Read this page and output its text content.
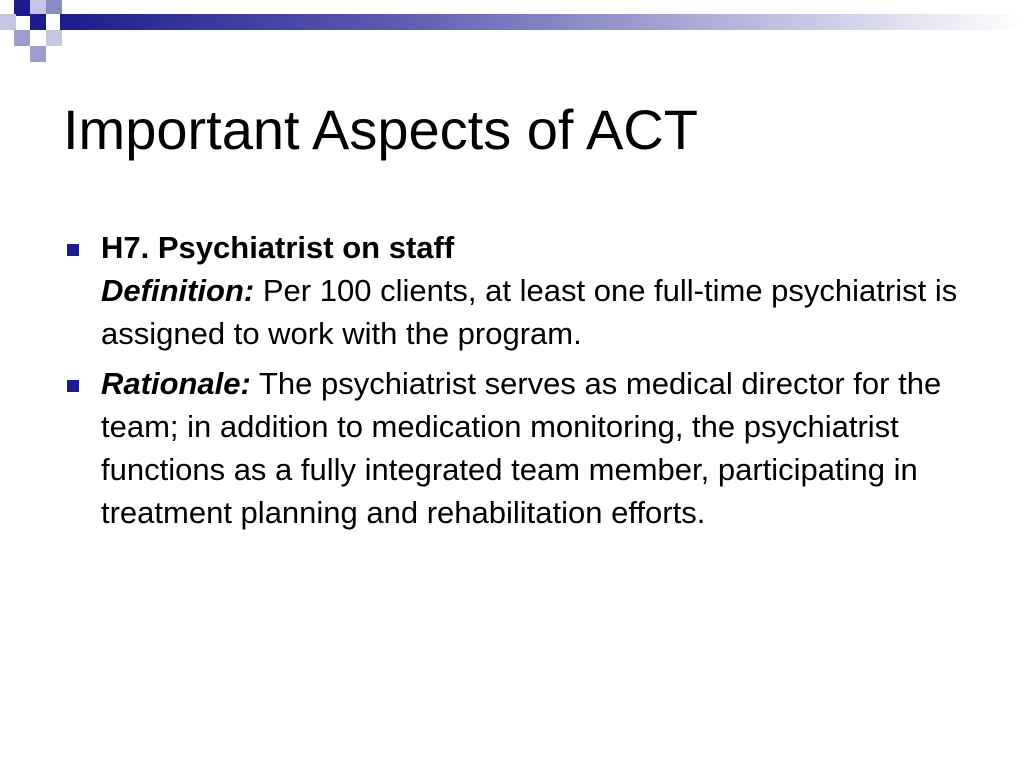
Important Aspects of ACT
H7. Psychiatrist on staff
Definition: Per 100 clients, at least one full-time psychiatrist is assigned to work with the program.
Rationale: The psychiatrist serves as medical director for the team; in addition to medication monitoring, the psychiatrist functions as a fully integrated team member, participating in treatment planning and rehabilitation efforts.
